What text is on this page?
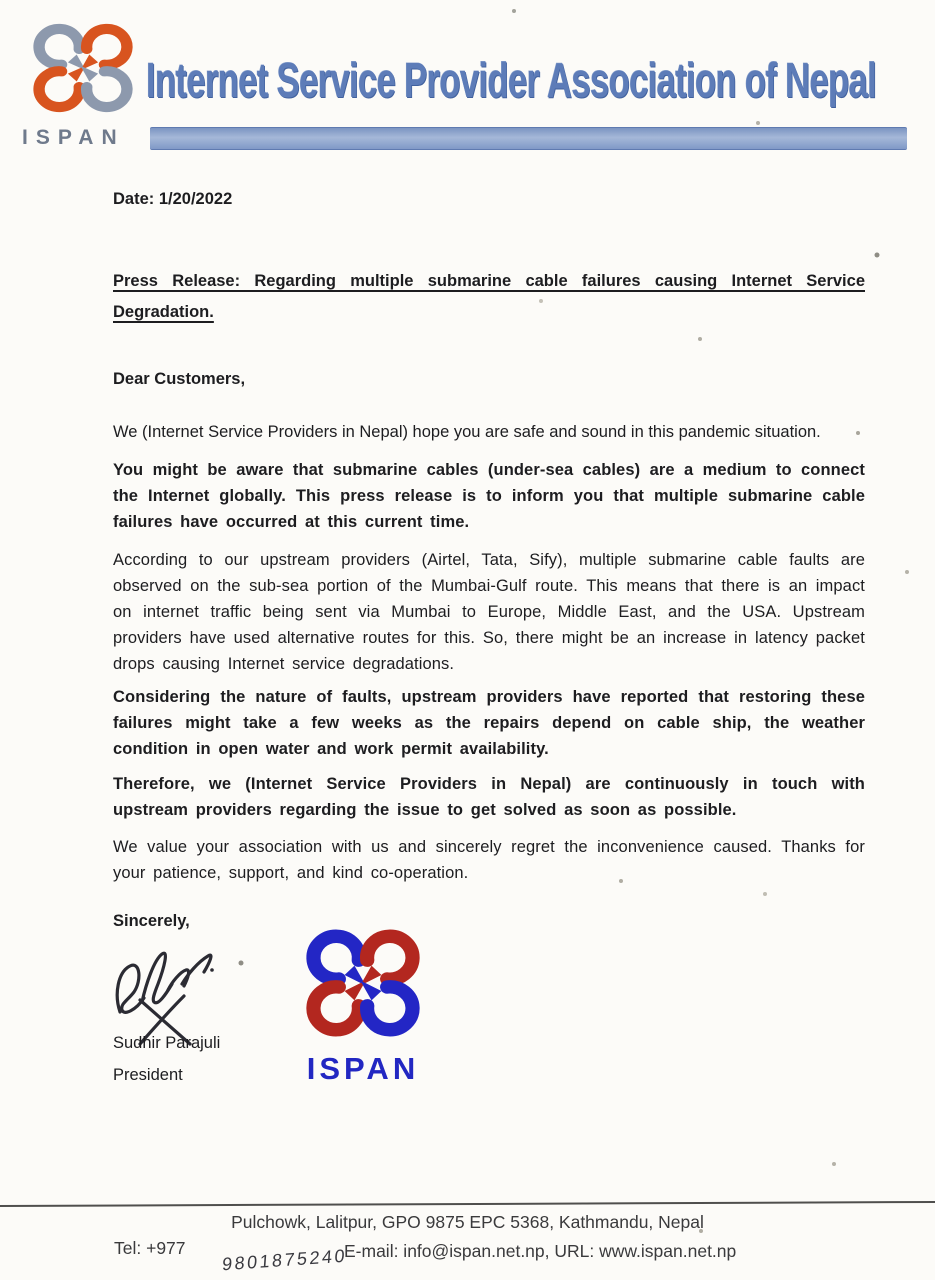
ISPAN
Internet Service Provider Association of Nepal
Date: 1/20/2022
Press Release: Regarding multiple submarine cable failures causing Internet Service Degradation.
Dear Customers,

We (Internet Service Providers in Nepal) hope you are safe and sound in this pandemic situation.

You might be aware that submarine cables (under-sea cables) are a medium to connect the Internet globally. This press release is to inform you that multiple submarine cable failures have occurred at this current time.

According to our upstream providers (Airtel, Tata, Sify), multiple submarine cable faults are observed on the sub-sea portion of the Mumbai-Gulf route. This means that there is an impact on internet traffic being sent via Mumbai to Europe, Middle East, and the USA. Upstream providers have used alternative routes for this. So, there might be an increase in latency packet drops causing Internet service degradations.

Considering the nature of faults, upstream providers have reported that restoring these failures might take a few weeks as the repairs depend on cable ship, the weather condition in open water and work permit availability.

Therefore, we (Internet Service Providers in Nepal) are continuously in touch with upstream providers regarding the issue to get solved as soon as possible.

We value your association with us and sincerely regret the inconvenience caused. Thanks for your patience, support, and kind co-operation.

Sincerely,
Sudhir Parajuli
President	ISPAN
Pulchowk, Lalitpur, GPO 9875 EPC 5368, Kathmandu, Nepal
Tel: +977 9801875240
E-mail: info@ispan.net.np, URL: www.ispan.net.np
